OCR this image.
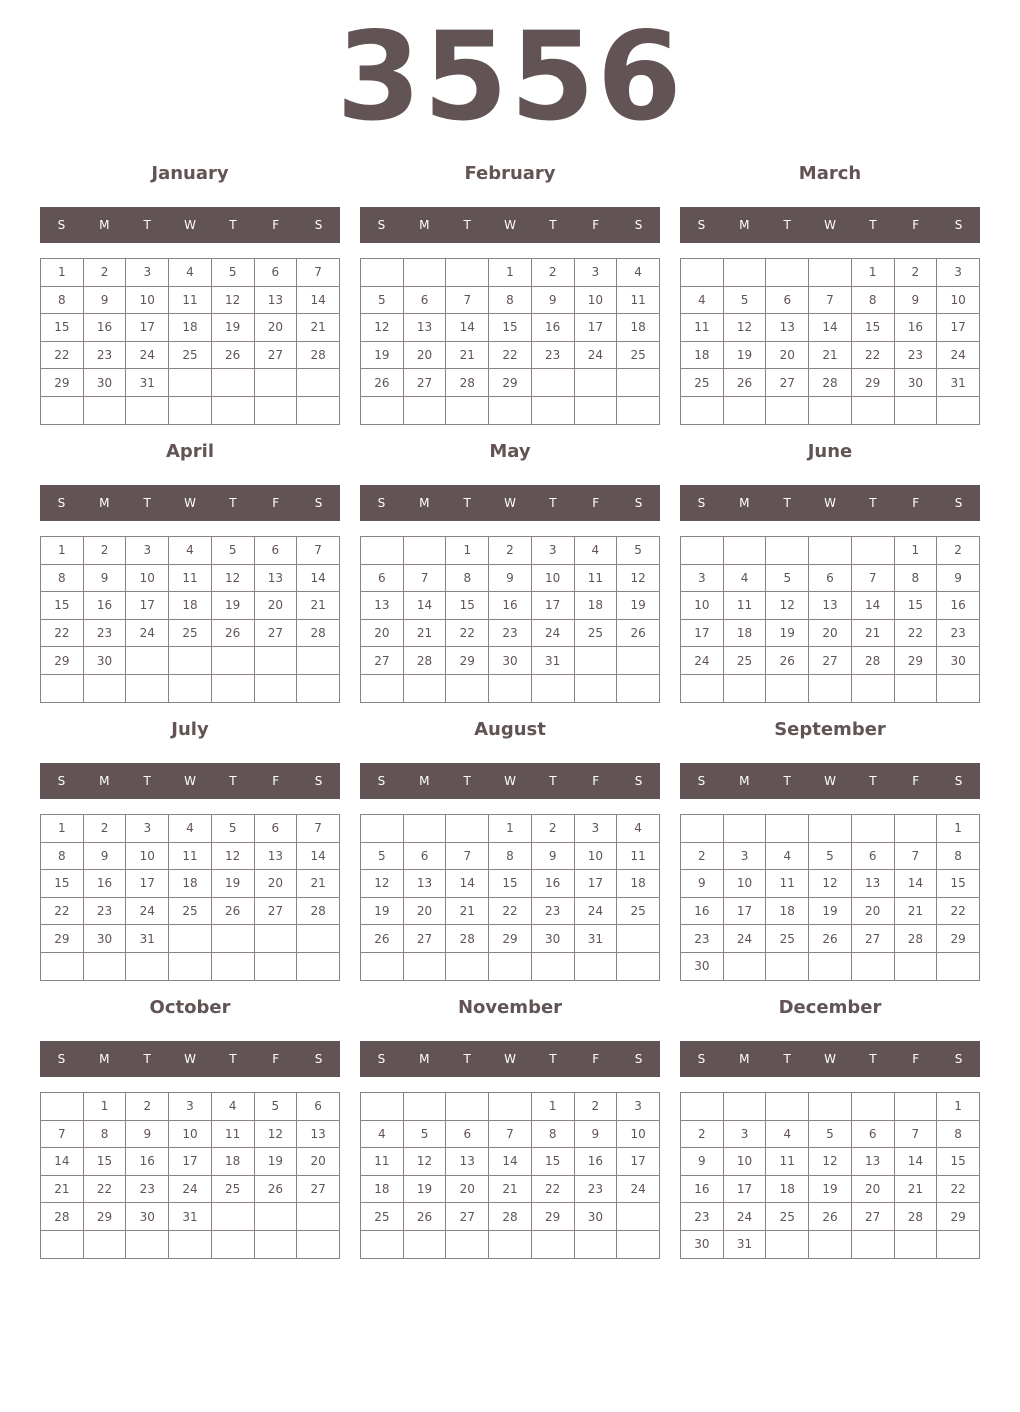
3556
January
S	M	T	W	T	F	S
1	2	3	4	5	6	7
8	9	10	11	12	13	14
15	16	17	18	19	20	21
22	23	24	25	26	27	28
29	30	31				

February
S	M	T	W	T	F	S
			1	2	3	4
5	6	7	8	9	10	11
12	13	14	15	16	17	18
19	20	21	22	23	24	25
26	27	28	29			

March
S	M	T	W	T	F	S
				1	2	3
4	5	6	7	8	9	10
11	12	13	14	15	16	17
18	19	20	21	22	23	24
25	26	27	28	29	30	31

April
S	M	T	W	T	F	S
1	2	3	4	5	6	7
8	9	10	11	12	13	14
15	16	17	18	19	20	21
22	23	24	25	26	27	28
29	30					

May
S	M	T	W	T	F	S
		1	2	3	4	5
6	7	8	9	10	11	12
13	14	15	16	17	18	19
20	21	22	23	24	25	26
27	28	29	30	31		

June
S	M	T	W	T	F	S
					1	2
3	4	5	6	7	8	9
10	11	12	13	14	15	16
17	18	19	20	21	22	23
24	25	26	27	28	29	30

July
S	M	T	W	T	F	S
1	2	3	4	5	6	7
8	9	10	11	12	13	14
15	16	17	18	19	20	21
22	23	24	25	26	27	28
29	30	31				

August
S	M	T	W	T	F	S
			1	2	3	4
5	6	7	8	9	10	11
12	13	14	15	16	17	18
19	20	21	22	23	24	25
26	27	28	29	30	31	

September
S	M	T	W	T	F	S
						1
2	3	4	5	6	7	8
9	10	11	12	13	14	15
16	17	18	19	20	21	22
23	24	25	26	27	28	29
30						
October
S	M	T	W	T	F	S
	1	2	3	4	5	6
7	8	9	10	11	12	13
14	15	16	17	18	19	20
21	22	23	24	25	26	27
28	29	30	31			

November
S	M	T	W	T	F	S
				1	2	3
4	5	6	7	8	9	10
11	12	13	14	15	16	17
18	19	20	21	22	23	24
25	26	27	28	29	30	

December
S	M	T	W	T	F	S
						1
2	3	4	5	6	7	8
9	10	11	12	13	14	15
16	17	18	19	20	21	22
23	24	25	26	27	28	29
30	31					
